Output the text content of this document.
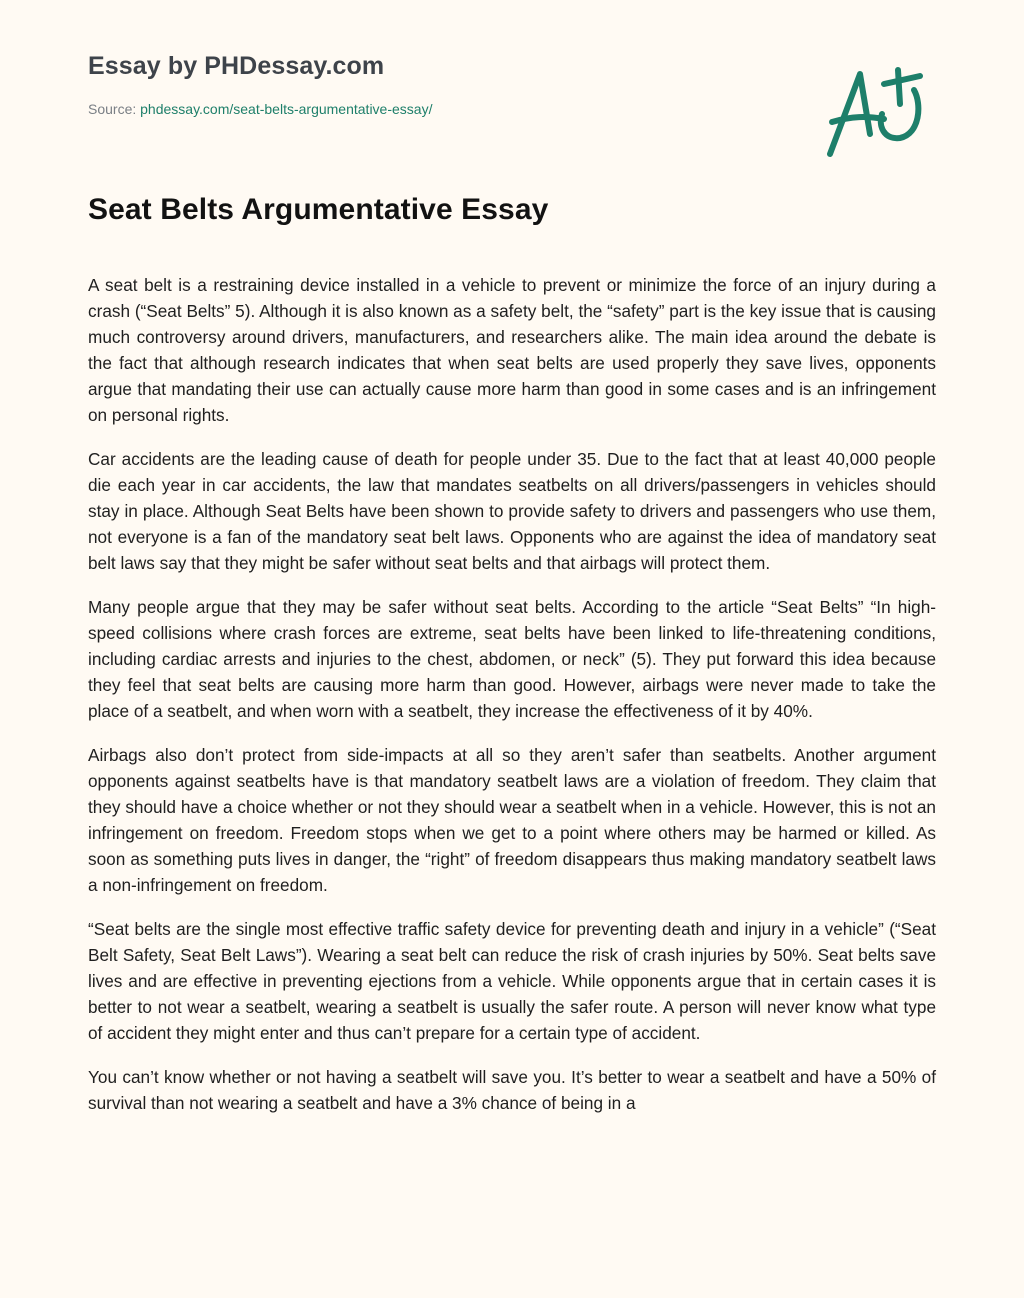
Essay by PHDessay.com
Source: phdessay.com/seat-belts-argumentative-essay/
Seat Belts Argumentative Essay

A seat belt is a restraining device installed in a vehicle to prevent or minimize the force of an injury during a crash (“Seat Belts” 5). Although it is also known as a safety belt, the “safety” part is the key issue that is causing much controversy around drivers, manufacturers, and researchers alike. The main idea around the debate is the fact that although research indicates that when seat belts are used properly they save lives, opponents argue that mandating their use can actually cause more harm than good in some cases and is an infringement on personal rights.

Car accidents are the leading cause of death for people under 35. Due to the fact that at least 40,000 people die each year in car accidents, the law that mandates seatbelts on all drivers/passengers in vehicles should stay in place. Although Seat Belts have been shown to provide safety to drivers and passengers who use them, not everyone is a fan of the mandatory seat belt laws. Opponents who are against the idea of mandatory seat belt laws say that they might be safer without seat belts and that airbags will protect them.

Many people argue that they may be safer without seat belts. According to the article “Seat Belts” “In high-speed collisions where crash forces are extreme, seat belts have been linked to life-threatening conditions, including cardiac arrests and injuries to the chest, abdomen, or neck” (5). They put forward this idea because they feel that seat belts are causing more harm than good. However, airbags were never made to take the place of a seatbelt, and when worn with a seatbelt, they increase the effectiveness of it by 40%.

Airbags also don’t protect from side-impacts at all so they aren’t safer than seatbelts. Another argument opponents against seatbelts have is that mandatory seatbelt laws are a violation of freedom. They claim that they should have a choice whether or not they should wear a seatbelt when in a vehicle. However, this is not an infringement on freedom. Freedom stops when we get to a point where others may be harmed or killed. As soon as something puts lives in danger, the “right” of freedom disappears thus making mandatory seatbelt laws a non-infringement on freedom.

“Seat belts are the single most effective traffic safety device for preventing death and injury in a vehicle” (“Seat Belt Safety, Seat Belt Laws”). Wearing a seat belt can reduce the risk of crash injuries by 50%. Seat belts save lives and are effective in preventing ejections from a vehicle. While opponents argue that in certain cases it is better to not wear a seatbelt, wearing a seatbelt is usually the safer route. A person will never know what type of accident they might enter and thus can’t prepare for a certain type of accident.

You can’t know whether or not having a seatbelt will save you. It’s better to wear a seatbelt and have a 50% of survival than not wearing a seatbelt and have a 3% chance of being in a
